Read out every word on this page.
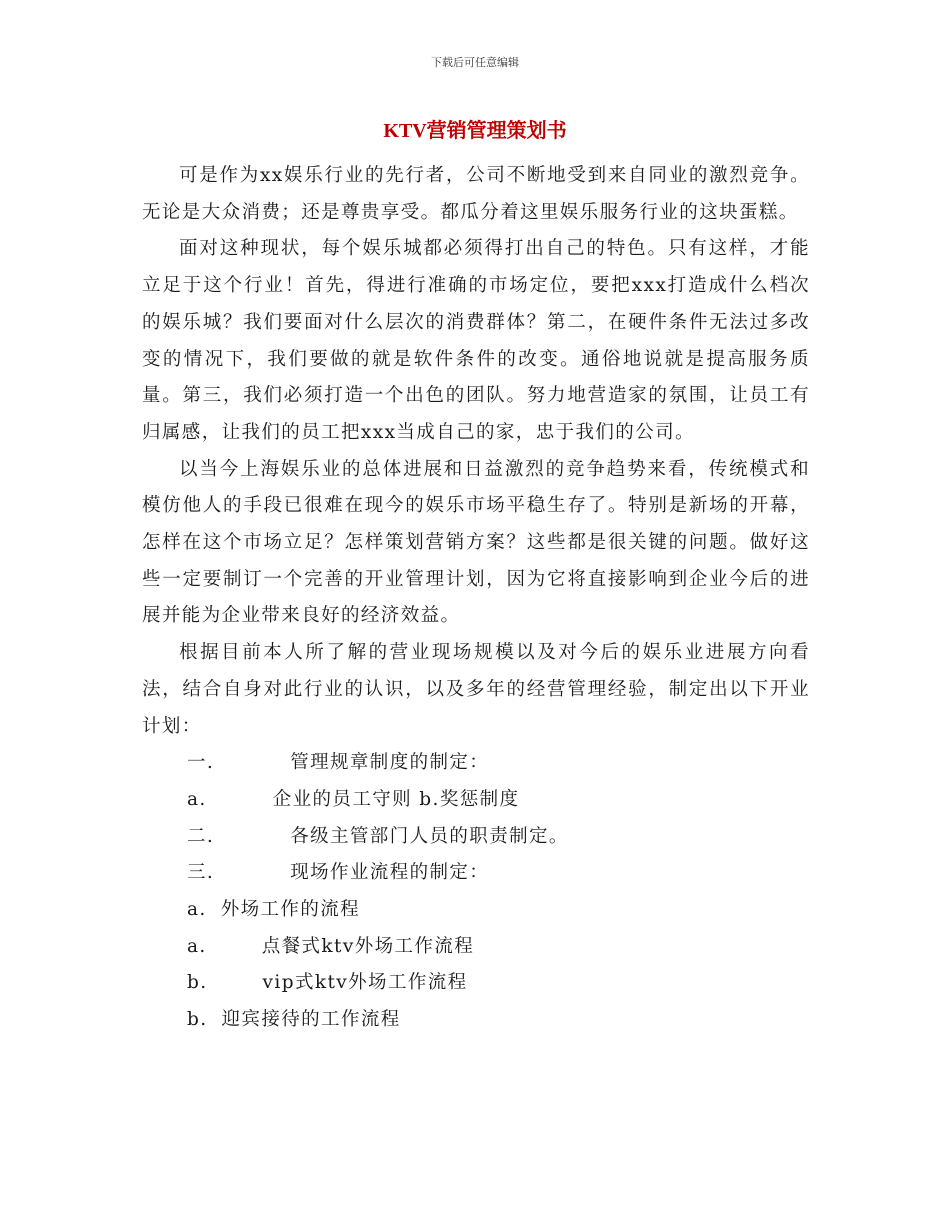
下载后可任意编辑
KTV营销管理策划书

可是作为xx娱乐行业的先行者，公司不断地受到来自同业的激烈竞争。无论是大众消费；还是尊贵享受。都瓜分着这里娱乐服务行业的这块蛋糕。

面对这种现状，每个娱乐城都必须得打出自己的特色。只有这样，才能立足于这个行业！首先，得进行准确的市场定位，要把xxx打造成什么档次的娱乐城？我们要面对什么层次的消费群体？第二，在硬件条件无法过多改变的情况下，我们要做的就是软件条件的改变。通俗地说就是提高服务质量。第三，我们必须打造一个出色的团队。努力地营造家的氛围，让员工有归属感，让我们的员工把xxx当成自己的家，忠于我们的公司。

以当今上海娱乐业的总体进展和日益激烈的竞争趋势来看，传统模式和模仿他人的手段已很难在现今的娱乐市场平稳生存了。特别是新场的开幕，怎样在这个市场立足？怎样策划营销方案？这些都是很关键的问题。做好这些一定要制订一个完善的开业管理计划，因为它将直接影响到企业今后的进展并能为企业带来良好的经济效益。

根据目前本人所了解的营业现场规模以及对今后的娱乐业进展方向看法，结合自身对此行业的认识，以及多年的经营管理经验，制定出以下开业计划：

一.	管理规章制度的制定：
a.	企业的员工守则 b.奖惩制度
二.	各级主管部门人员的职责制定。
三.	现场作业流程的制定：
a. 外场工作的流程
a.	点餐式ktv外场工作流程
b.	vip式ktv外场工作流程
b. 迎宾接待的工作流程
